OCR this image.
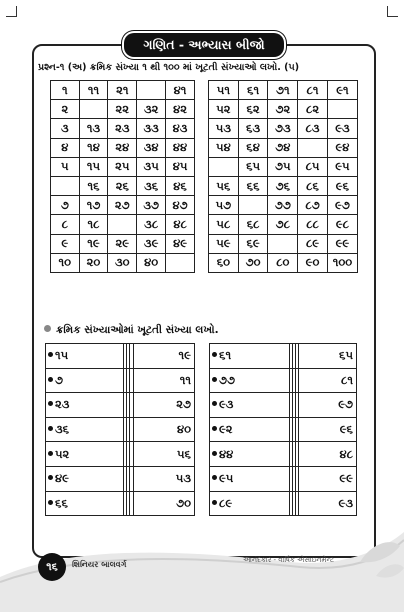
ગણિત - અભ્યાસ બીજો
પ્રશ્ન-૧ (અ) ક્રમિક સંખ્યા ૧ થી ૧૦૦ માં ખૂટતી સંખ્યાઓ લખો. (૫)
૧	૧૧	૨૧		૪૧
૨		૨૨	૩૨	૪૨
૩	૧૩	૨૩	૩૩	૪૩
૪	૧૪	૨૪	૩૪	૪૪
૫	૧૫	૨૫	૩૫	૪૫
	૧૬	૨૬	૩૬	૪૬
૭	૧૭	૨૭	૩૭	૪૭
૮	૧૮		૩૮	૪૮
૯	૧૯	૨૯	૩૯	૪૯
૧૦	૨૦	૩૦	૪૦	
૫૧	૬૧	૭૧	૮૧	૯૧
૫૨	૬૨	૭૨	૮૨	
૫૩	૬૩	૭૩	૮૩	૯૩
૫૪	૬૪	૭૪		૯૪
	૬૫	૭૫	૮૫	૯૫
૫૬	૬૬	૭૬	૮૬	૯૬
૫૭		૭૭	૮૭	૯૭
૫૮	૬૮	૭૮	૮૮	૯૮
૫૯	૬૯		૮૯	૯૯
૬૦	૭૦	૮૦	૯૦	૧૦૦
ક્રમિક સંખ્યાઓમાં ખૂટતી સંખ્યા લખો.
૧૫				૧૯
૭				૧૧
૨૩				૨૭
૩૬				૪૦
૫૨				૫૬
૪૯				૫૩
૬૬				૭૦
૬૧				૬૫
૭૭				૮૧
૯૩				૯૭
૯૨				૯૬
૪૪				૪૮
૯૫				૯૯
૮૯				૯૩
૧૬	શિનિયર બાલવર્ગ	આનંદકાર - વાર્ષિક એસાઇનમેન્ટ
